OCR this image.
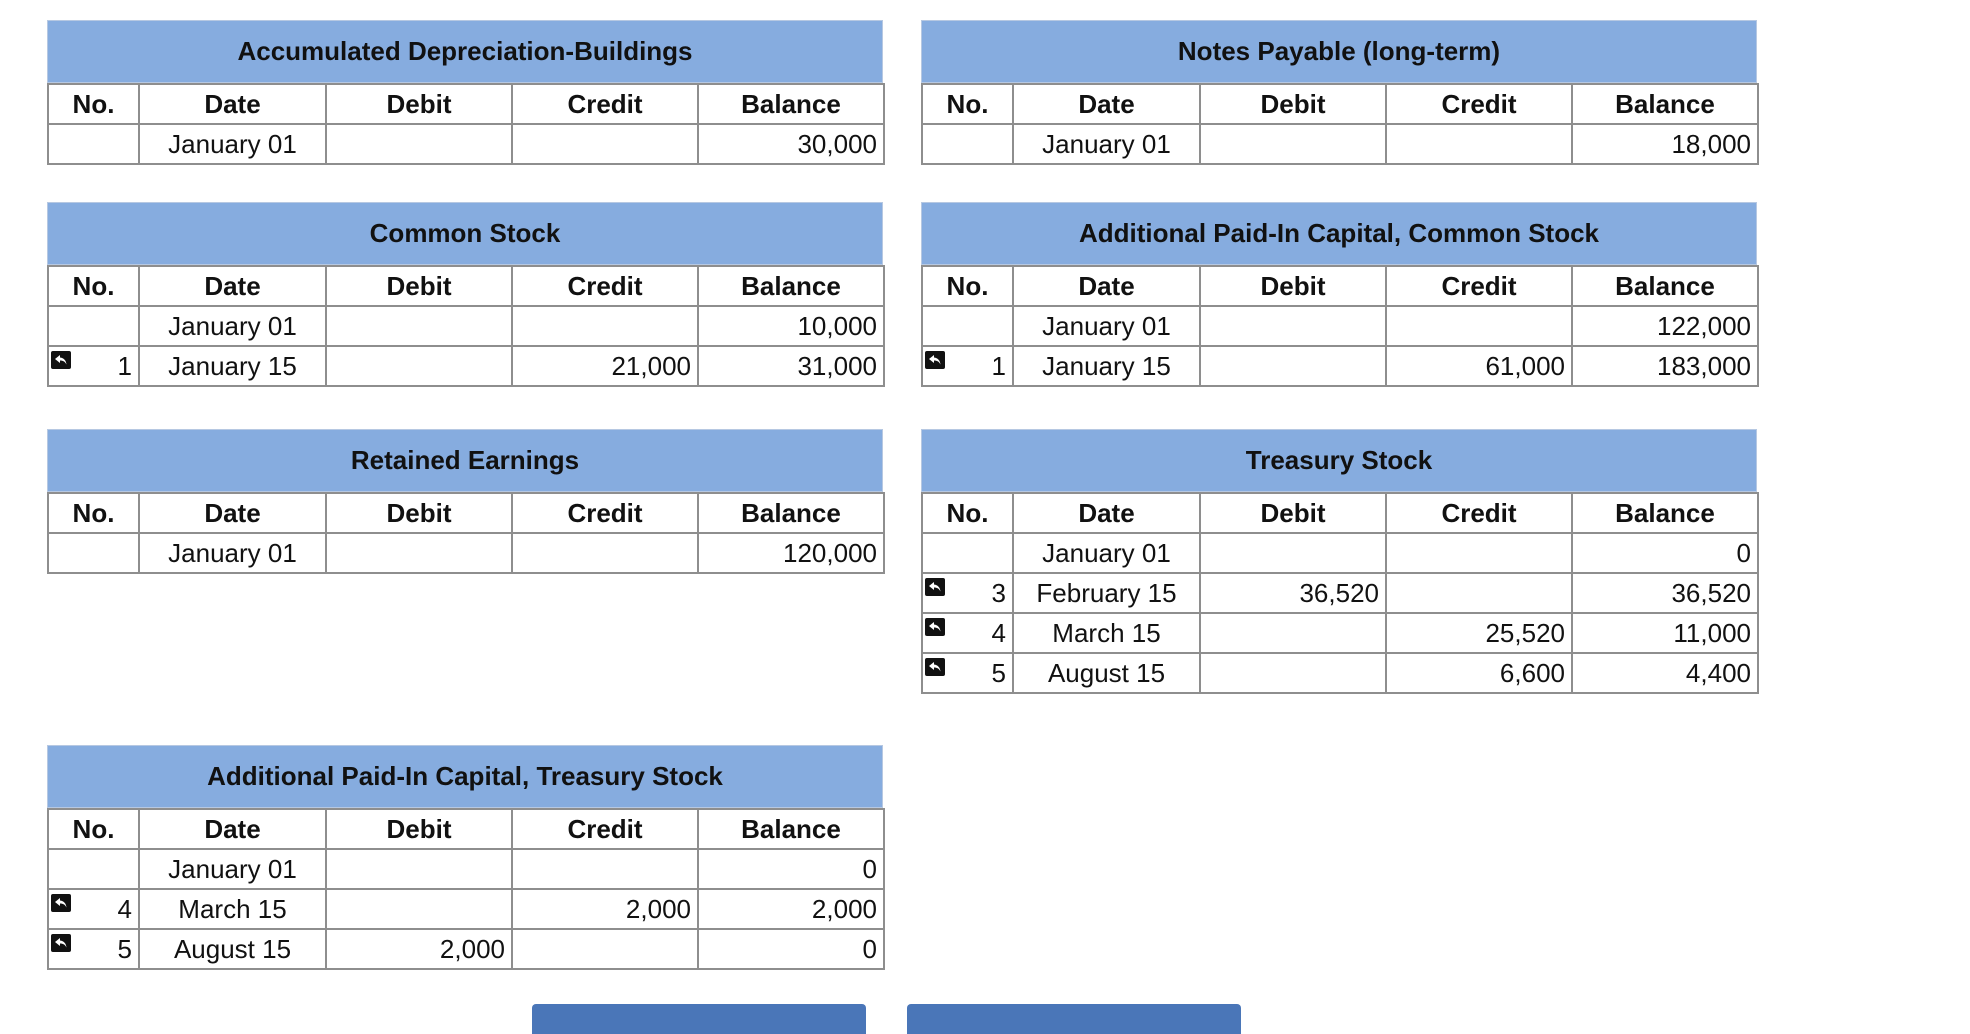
Accumulated Depreciation-Buildings
No.	Date	Debit	Credit	Balance
	January 01			30,000
Notes Payable (long-term)
No.	Date	Debit	Credit	Balance
	January 01			18,000
Common Stock
No.	Date	Debit	Credit	Balance
	January 01			10,000

1	January 15		21,000	31,000
Additional Paid-In Capital, Common Stock
No.	Date	Debit	Credit	Balance
	January 01			122,000

1	January 15		61,000	183,000
Retained Earnings
No.	Date	Debit	Credit	Balance
	January 01			120,000
Treasury Stock
No.	Date	Debit	Credit	Balance
	January 01			0

3	February 15	36,520		36,520

4	March 15		25,520	11,000

5	August 15		6,600	4,400
Additional Paid-In Capital, Treasury Stock
No.	Date	Debit	Credit	Balance
	January 01			0

4	March 15		2,000	2,000

5	August 15	2,000		0
